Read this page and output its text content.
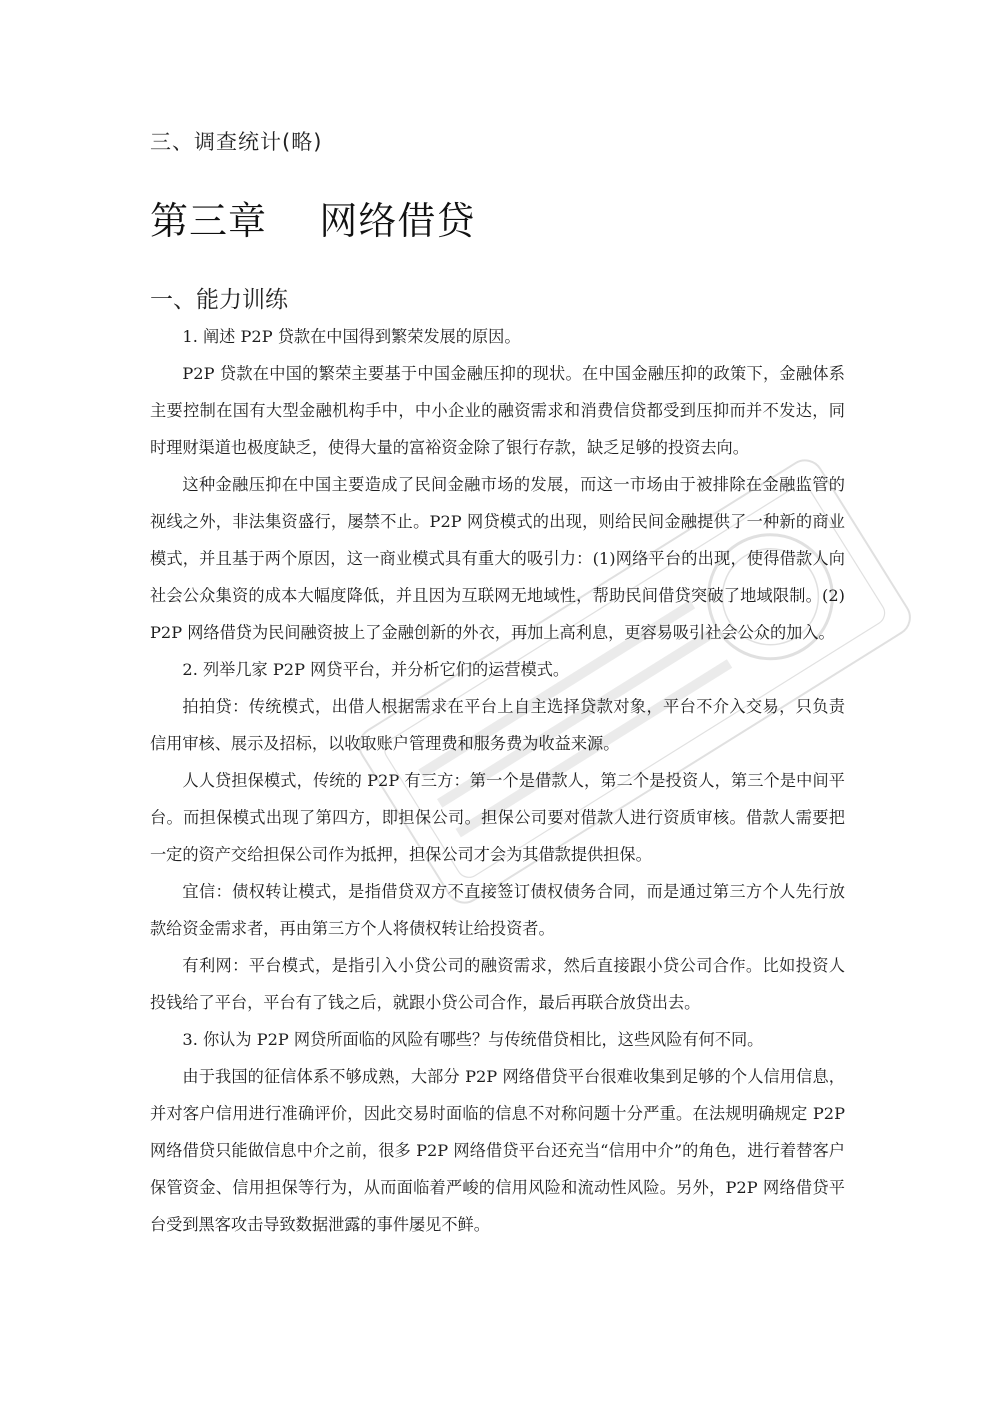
三、调查统计(略)
第三章    网络借贷
一、能力训练

1. 阐述 P2P 贷款在中国得到繁荣发展的原因。

P2P 贷款在中国的繁荣主要基于中国金融压抑的现状。在中国金融压抑的政策下，金融体系主要控制在国有大型金融机构手中，中小企业的融资需求和消费信贷都受到压抑而并不发达，同时理财渠道也极度缺乏，使得大量的富裕资金除了银行存款，缺乏足够的投资去向。

这种金融压抑在中国主要造成了民间金融市场的发展，而这一市场由于被排除在金融监管的视线之外，非法集资盛行，屡禁不止。P2P 网贷模式的出现，则给民间金融提供了一种新的商业模式，并且基于两个原因，这一商业模式具有重大的吸引力：(1)网络平台的出现，使得借款人向社会公众集资的成本大幅度降低，并且因为互联网无地域性，帮助民间借贷突破了地域限制。(2) P2P 网络借贷为民间融资披上了金融创新的外衣，再加上高利息，更容易吸引社会公众的加入。

2. 列举几家 P2P 网贷平台，并分析它们的运营模式。

拍拍贷：传统模式，出借人根据需求在平台上自主选择贷款对象，平台不介入交易，只负责信用审核、展示及招标，以收取账户管理费和服务费为收益来源。

人人贷担保模式，传统的 P2P 有三方：第一个是借款人，第二个是投资人，第三个是中间平台。而担保模式出现了第四方，即担保公司。担保公司要对借款人进行资质审核。借款人需要把一定的资产交给担保公司作为抵押，担保公司才会为其借款提供担保。

宜信：债权转让模式，是指借贷双方不直接签订债权债务合同，而是通过第三方个人先行放款给资金需求者，再由第三方个人将债权转让给投资者。

有利网：平台模式，是指引入小贷公司的融资需求，然后直接跟小贷公司合作。比如投资人投钱给了平台，平台有了钱之后，就跟小贷公司合作，最后再联合放贷出去。

3. 你认为 P2P 网贷所面临的风险有哪些？与传统借贷相比，这些风险有何不同。

由于我国的征信体系不够成熟，大部分 P2P 网络借贷平台很难收集到足够的个人信用信息，并对客户信用进行准确评价，因此交易时面临的信息不对称问题十分严重。在法规明确规定 P2P 网络借贷只能做信息中介之前，很多 P2P 网络借贷平台还充当“信用中介”的角色，进行着替客户保管资金、信用担保等行为，从而面临着严峻的信用风险和流动性风险。另外，P2P 网络借贷平台受到黑客攻击导致数据泄露的事件屡见不鲜。
